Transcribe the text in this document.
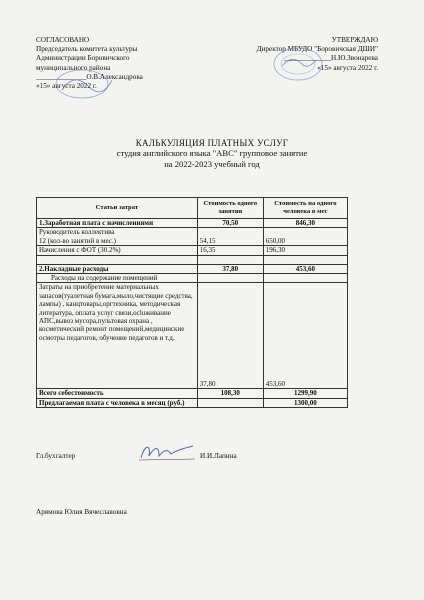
СОГЛАСОВАНО
Председатель комитета культуры
Администрации Боровичского
муниципального района
______________О.В.Александрова
«15» августа 2022 г.
УТВЕРЖДАЮ
Директор МБУДО "Боровичская ДШИ"
_____________Н.Ю.Звонарева
«15» августа 2022 г.
КАЛЬКУЛЯЦИЯ ПЛАТНЫХ УСЛУГ
студия английского языка "ABC" групповое занятие
на 2022-2023 учебный год
Статьи затрат	Стоимость одного занятия	Стоимость на одного человека в мес
1.Заработная плата с начислениями	70,50	846,30

Руководитель коллектива
12 (кол-во занятий в мес.)	54,15	650,00
Начисления с ФОТ (30.2%)	16,35	196,30

2.Накладные расходы	37,80	453,60
Расходы на содержание помещений		
Затраты на приобретение материальных запасов(туалетная бумага,мыло,чистящие средства, лампы) , канцтовары,оргтехника, методическая литература, оплата услуг связи,осluживание АПС,вывоз мусора,пультовая охрана , косметический ремонт помещений,медицинские осмотры педагогов, обучение педагогов и т.д.	37,80	453,60
Всего себестоимость	108,30	1299,90
Предлагаемая плата с человека в месяц (руб.)		1300,00
Гл.бухгалтер	И.И.Лапина
Арямова Юлия Вячеславовна
